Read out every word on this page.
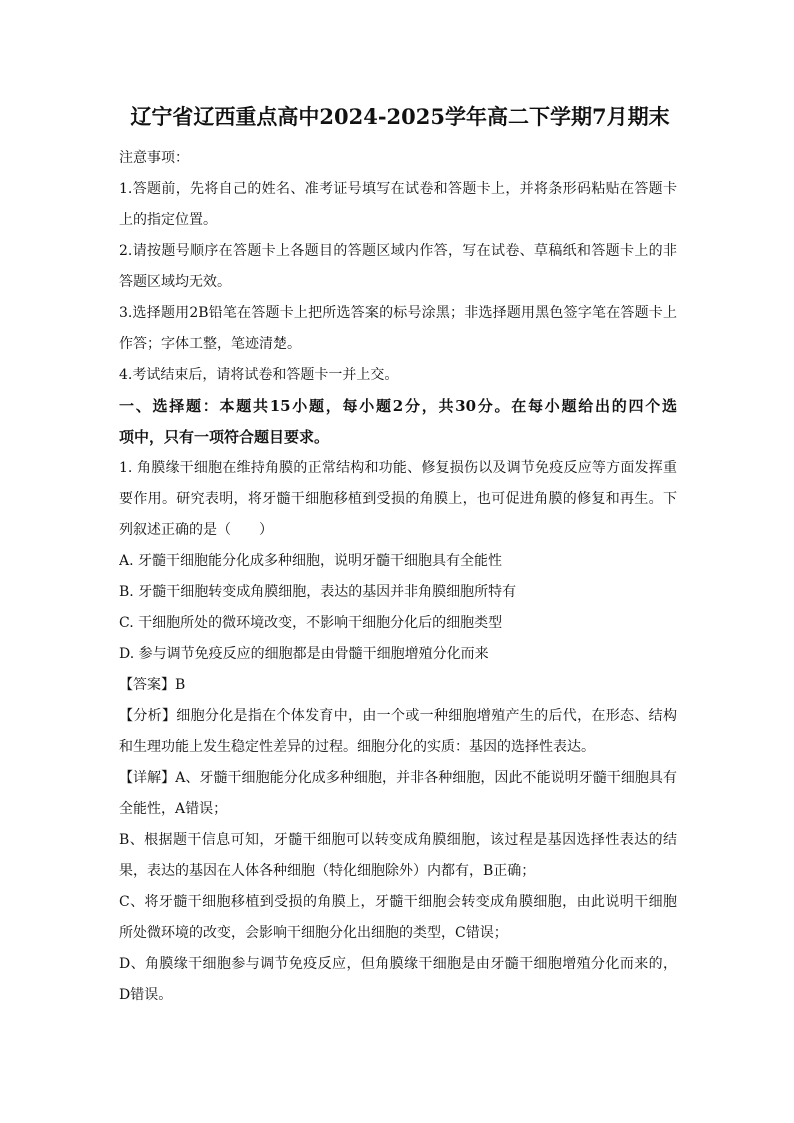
辽宁省辽西重点高中2024-2025学年高二下学期7月期末
注意事项：
1.答题前，先将自己的姓名、准考证号填写在试卷和答题卡上，并将条形码粘贴在答题卡
上的指定位置。
2.请按题号顺序在答题卡上各题目的答题区域内作答，写在试卷、草稿纸和答题卡上的非
答题区域均无效。
3.选择题用2B铅笔在答题卡上把所选答案的标号涂黑；非选择题用黑色签字笔在答题卡上
作答；字体工整，笔迹清楚。
4.考试结束后，请将试卷和答题卡一并上交。
一、选择题：本题共15小题，每小题2分，共30分。在每小题给出的四个选
项中，只有一项符合题目要求。
1. 角膜缘干细胞在维持角膜的正常结构和功能、修复损伤以及调节免疫反应等方面发挥重
要作用。研究表明，将牙髓干细胞移植到受损的角膜上，也可促进角膜的修复和再生。下
列叙述正确的是（　　）
A. 牙髓干细胞能分化成多种细胞，说明牙髓干细胞具有全能性
B. 牙髓干细胞转变成角膜细胞，表达的基因并非角膜细胞所特有
C. 干细胞所处的微环境改变，不影响干细胞分化后的细胞类型
D. 参与调节免疫反应的细胞都是由骨髓干细胞增殖分化而来
【答案】B
【分析】细胞分化是指在个体发育中，由一个或一种细胞增殖产生的后代，在形态、结构
和生理功能上发生稳定性差异的过程。细胞分化的实质：基因的选择性表达。
【详解】A、牙髓干细胞能分化成多种细胞，并非各种细胞，因此不能说明牙髓干细胞具有
全能性，A错误；
B、根据题干信息可知，牙髓干细胞可以转变成角膜细胞，该过程是基因选择性表达的结
果，表达的基因在人体各种细胞（特化细胞除外）内都有，B正确；
C、将牙髓干细胞移植到受损的角膜上，牙髓干细胞会转变成角膜细胞，由此说明干细胞
所处微环境的改变，会影响干细胞分化出细胞的类型，C错误；
D、角膜缘干细胞参与调节免疫反应，但角膜缘干细胞是由牙髓干细胞增殖分化而来的，
D错误。
